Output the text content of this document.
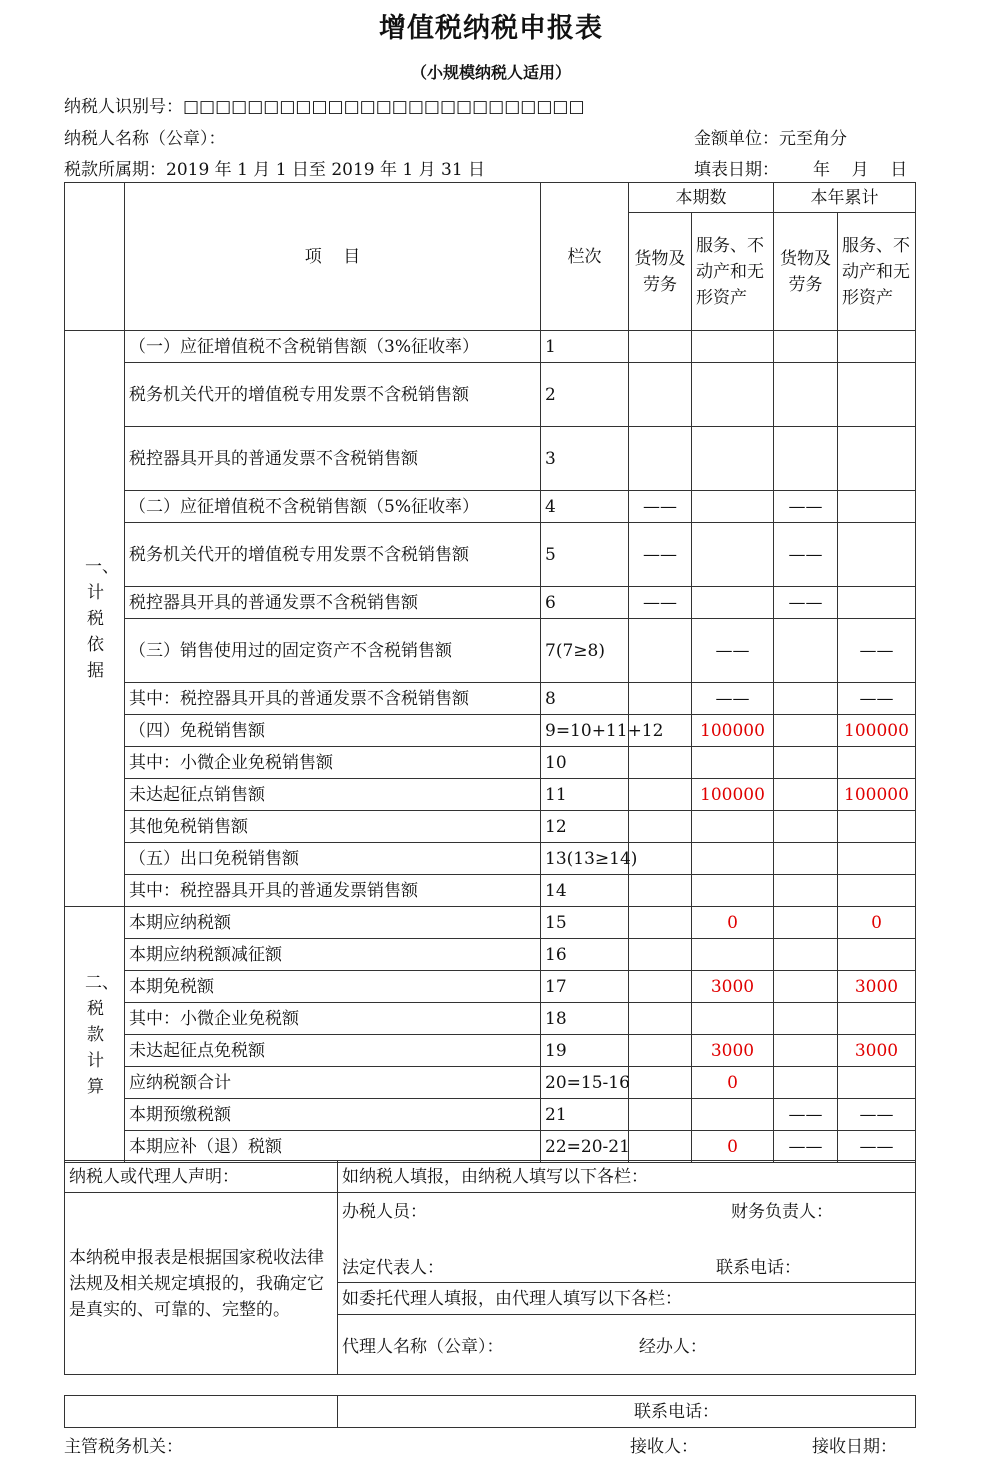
增值税纳税申报表
（小规模纳税人适用）
纳税人识别号：□□□□□□□□□□□□□□□□□□□□□□□□□
纳税人名称（公章）：	金额单位：元至角分
税款所属期：2019 年 1 月 1 日至 2019 年 1 月 31 日	填表日期： 年    月    日
	项    目	栏次	本期数		本年累计	
			货物及劳务	服务、不动产和无形资产	货物及劳务	服务、不动产和无形资产
一、计税依据	（一）应征增值税不含税销售额（3%征收率）	1				
	税务机关代开的增值税专用发票不含税销售额	2				
	税控器具开具的普通发票不含税销售额	3				
	（二）应征增值税不含税销售额（5%征收率）	4	——		——	
	税务机关代开的增值税专用发票不含税销售额	5	——		——	
	税控器具开具的普通发票不含税销售额	6	——		——	
	（三）销售使用过的固定资产不含税销售额	7(7≥8)		——		——
	其中：税控器具开具的普通发票不含税销售额	8		——		——
	（四）免税销售额	9=10+11+12		100000		100000
	其中：小微企业免税销售额	10				
	未达起征点销售额	11		100000		100000
	其他免税销售额	12				
	（五）出口免税销售额	13(13≥14)				
	其中：税控器具开具的普通发票销售额	14				
二、税款计算	本期应纳税额	15		0		0
	本期应纳税额减征额	16				
	本期免税额	17		3000		3000
	其中：小微企业免税额	18				
	未达起征点免税额	19		3000		3000
	应纳税额合计	20=15-16		0		
	本期预缴税额	21			——	——
	本期应补（退）税额	22=20-21		0	——	——
纳税人或代理人声明：	如纳税人填报，由纳税人填写以下各栏：
本纳税申报表是根据国家税收法律法规及相关规定填报的，我确定它是真实的、可靠的、完整的。	办税人员： 财务负责人：
法定代表人： 联系电话：

	如委托代理人填报，由代理人填写以下各栏：
	代理人名称（公章）： 经办人：
	联系电话：
主管税务机关：	接收人：	接收日期：
